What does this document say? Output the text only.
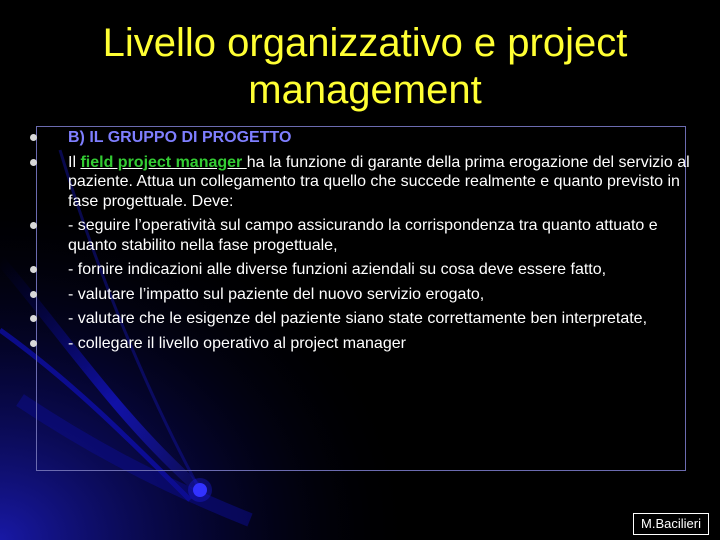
Livello organizzativo e project
management
B) IL GRUPPO DI PROGETTO
Il field project manager ha la funzione di garante della prima erogazione del servizio al paziente. Attua un collegamento tra quello che succede realmente e quanto previsto in fase progettuale. Deve:
- seguire l’operatività sul campo assicurando la corrispondenza tra quanto attuato e quanto stabilito nella fase progettuale,
- fornire indicazioni alle diverse funzioni aziendali su cosa deve essere fatto,
- valutare l’impatto sul paziente del nuovo servizio erogato,
- valutare che le esigenze del paziente siano state correttamente ben interpretate,
- collegare il livello operativo al project manager
M.Bacilieri
